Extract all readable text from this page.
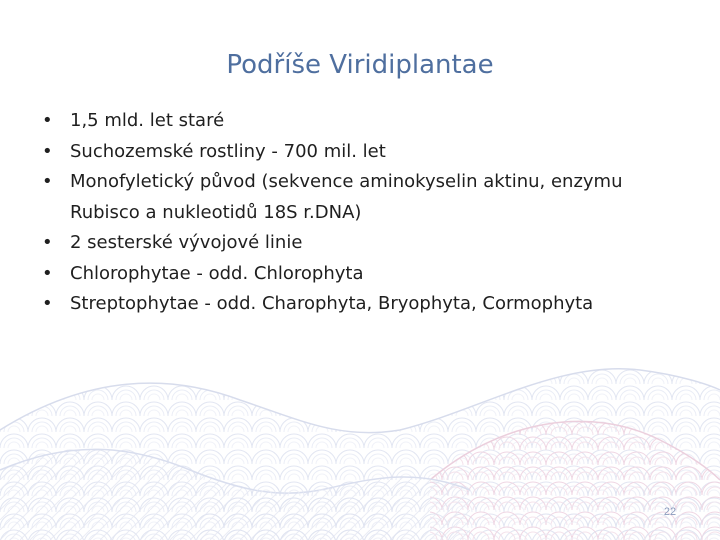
Podříše Viridiplantae
• 1,5 mld. let staré
• Suchozemské rostliny - 700 mil. let
• Monofyletický původ (sekvence aminokyselin aktinu, enzymu
Rubisco a nukleotidů 18S r.DNA)
• 2 sesterské vývojové linie
• Chlorophytae - odd. Chlorophyta
• Streptophytae - odd. Charophyta, Bryophyta, Cormophyta
22
